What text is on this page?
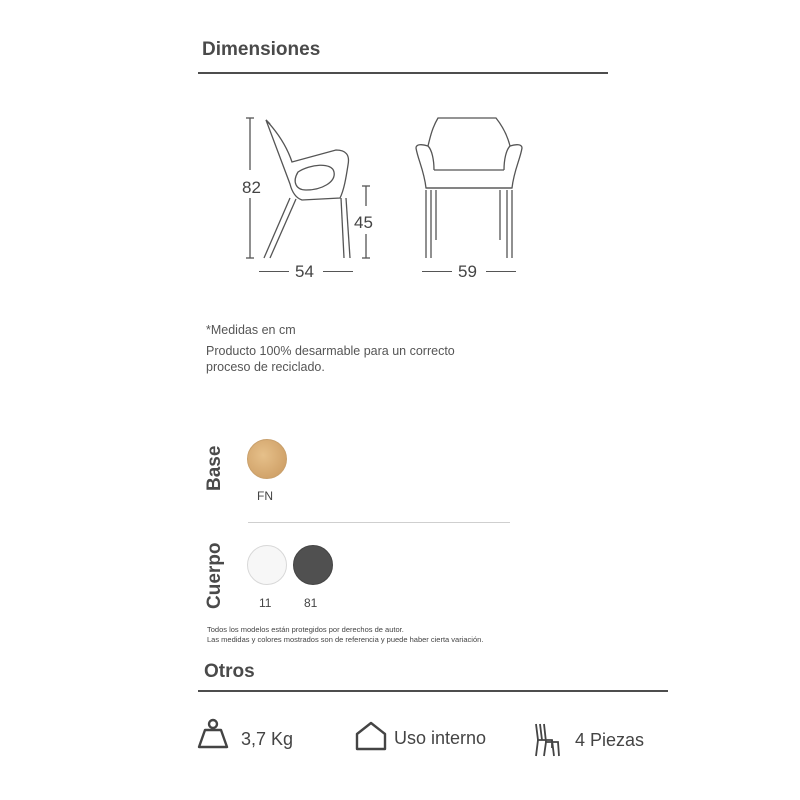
Dimensiones
82
45
54	59
*Medidas en cm
Producto 100% desarmable para un correcto
proceso de reciclado.
Base
FN
Cuerpo	11	81
Todos los modelos están protegidos por derechos de autor.
Las medidas y colores mostrados son de referencia y puede haber cierta variación.
Otros
3,7 Kg	Uso interno	4 Piezas
